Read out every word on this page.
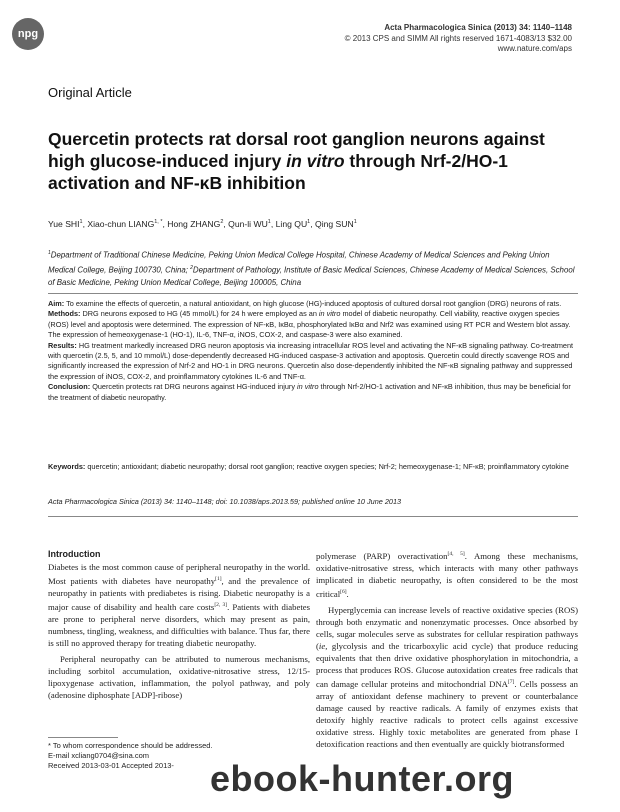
npg
Acta Pharmacologica Sinica (2013) 34: 1140–1148
© 2013 CPS and SIMM All rights reserved 1671-4083/13 $32.00
www.nature.com/aps
Original Article
Quercetin protects rat dorsal root ganglion neurons against high glucose-induced injury in vitro through Nrf-2/HO-1 activation and NF-κB inhibition
Yue SHI$^1$, Xiao-chun $LIANG^{1, *}$, Hong ZHANG$^2$, Qun-li $WU^1$, Ling $QU^1$, Qing SUN$^1$
$^1$Department of Traditional Chinese Medicine, Peking Union Medical College Hospital, Chinese Academy of Medical Sciences and Peking Union Medical College, Beijing 100730, China; $^2$Department of Pathology, Institute of Basic Medical Sciences, Chinese Academy of Medical Sciences, School of Basic Medicine, Peking Union Medical College, Beijing 100005, China

Aim: To examine the effects of quercetin, a natural antioxidant, on high glucose (HG)-induced apoptosis of cultured dorsal root ganglion (DRG) neurons of rats.

Methods: DRG neurons exposed to HG (45 mmol/L) for 24 h were employed as an in vitro model of diabetic neuropathy. Cell viability, reactive oxygen species (ROS) level and apoptosis were determined. The expression of NF-κB, IκBα, phosphorylated IκBα and Nrf2 was examined using RT PCR and Western blot assay. The expression of hemeoxygenase-1 (HO-1), IL-6, TNF-α, iNOS, COX-2, and caspase-3 were also examined.

Results: HG treatment markedly increased DRG neuron apoptosis via increasing intracellular ROS level and activating the NF-κB signaling pathway. Co-treatment with quercetin (2.5, 5, and 10 mmol/L) dose-dependently decreased HG-induced caspase-3 activation and apoptosis. Quercetin could directly scavenge ROS and significantly increased the expression of Nrf-2 and HO-1 in DRG neurons. Quercetin also dose-dependently inhibited the NF-κB signaling pathway and suppressed the expression of iNOS, COX-2, and proinflammatory cytokines IL-6 and TNF-α.

Conclusion: Quercetin protects rat DRG neurons against HG-induced injury in vitro through Nrf-2/HO-1 activation and NF-κB inhibition, thus may be beneficial for the treatment of diabetic neuropathy.

Keywords: quercetin; antioxidant; diabetic neuropathy; dorsal root ganglion; reactive oxygen species; Nrf-2; hemeoxygenase-1; NF-κB; proinflammatory cytokine
Acta Pharmacologica Sinica (2013) 34: 1140–1148; doi: 10.1038/aps.2013.59; published online 10 June 2013
Introduction

Diabetes is the most common cause of peripheral neuropathy in the world. Most patients with diabetes have neuropathy[1], and the prevalence of neuropathy in patients with prediabetes is rising. Diabetic neuropathy is a major cause of disability and health care costs[2, 3]. Patients with diabetes are prone to peripheral nerve disorders, which may present as pain, numbness, tingling, weakness, and difficulties with balance. Thus far, there is still no approved therapy for treating diabetic neuropathy.

Peripheral neuropathy can be attributed to numerous mechanisms, including sorbitol accumulation, oxidative-nitrosative stress, 12/15-lipoxygenase activation, inflammation, the polyol pathway, and poly (adenosine diphosphate [ADP]-ribose)

polymerase (PARP) overactivation[4, 5]. Among these mechanisms, oxidative-nitrosative stress, which interacts with many other pathways implicated in diabetic neuropathy, is often considered to be the most critical[6].

Hyperglycemia can increase levels of reactive oxidative species (ROS) through both enzymatic and nonenzymatic processes. Once absorbed by cells, sugar molecules serve as substrates for cellular respiration pathways (ie, glycolysis and the tricarboxylic acid cycle) that produce reducing equivalents that then drive oxidative phosphorylation in mitochondria, a process that produces ROS. Glucose autoxidation creates free radicals that can damage cellular proteins and mitochondrial DNA[7]. Cells possess an array of antioxidant defense machinery to prevent or counterbalance damage caused by reactive radicals. A family of enzymes exists that detoxify highly reactive radicals to protect cells against excessive oxidative stress. Highly toxic metabolites are generated from phase I detoxification reactions and then eventually are quickly biotransformed

* To whom correspondence should be addressed.
E-mail xcliang0704@sina.com
Received 2013-03-01 Accepted 2013-	ebook-hunter.org
